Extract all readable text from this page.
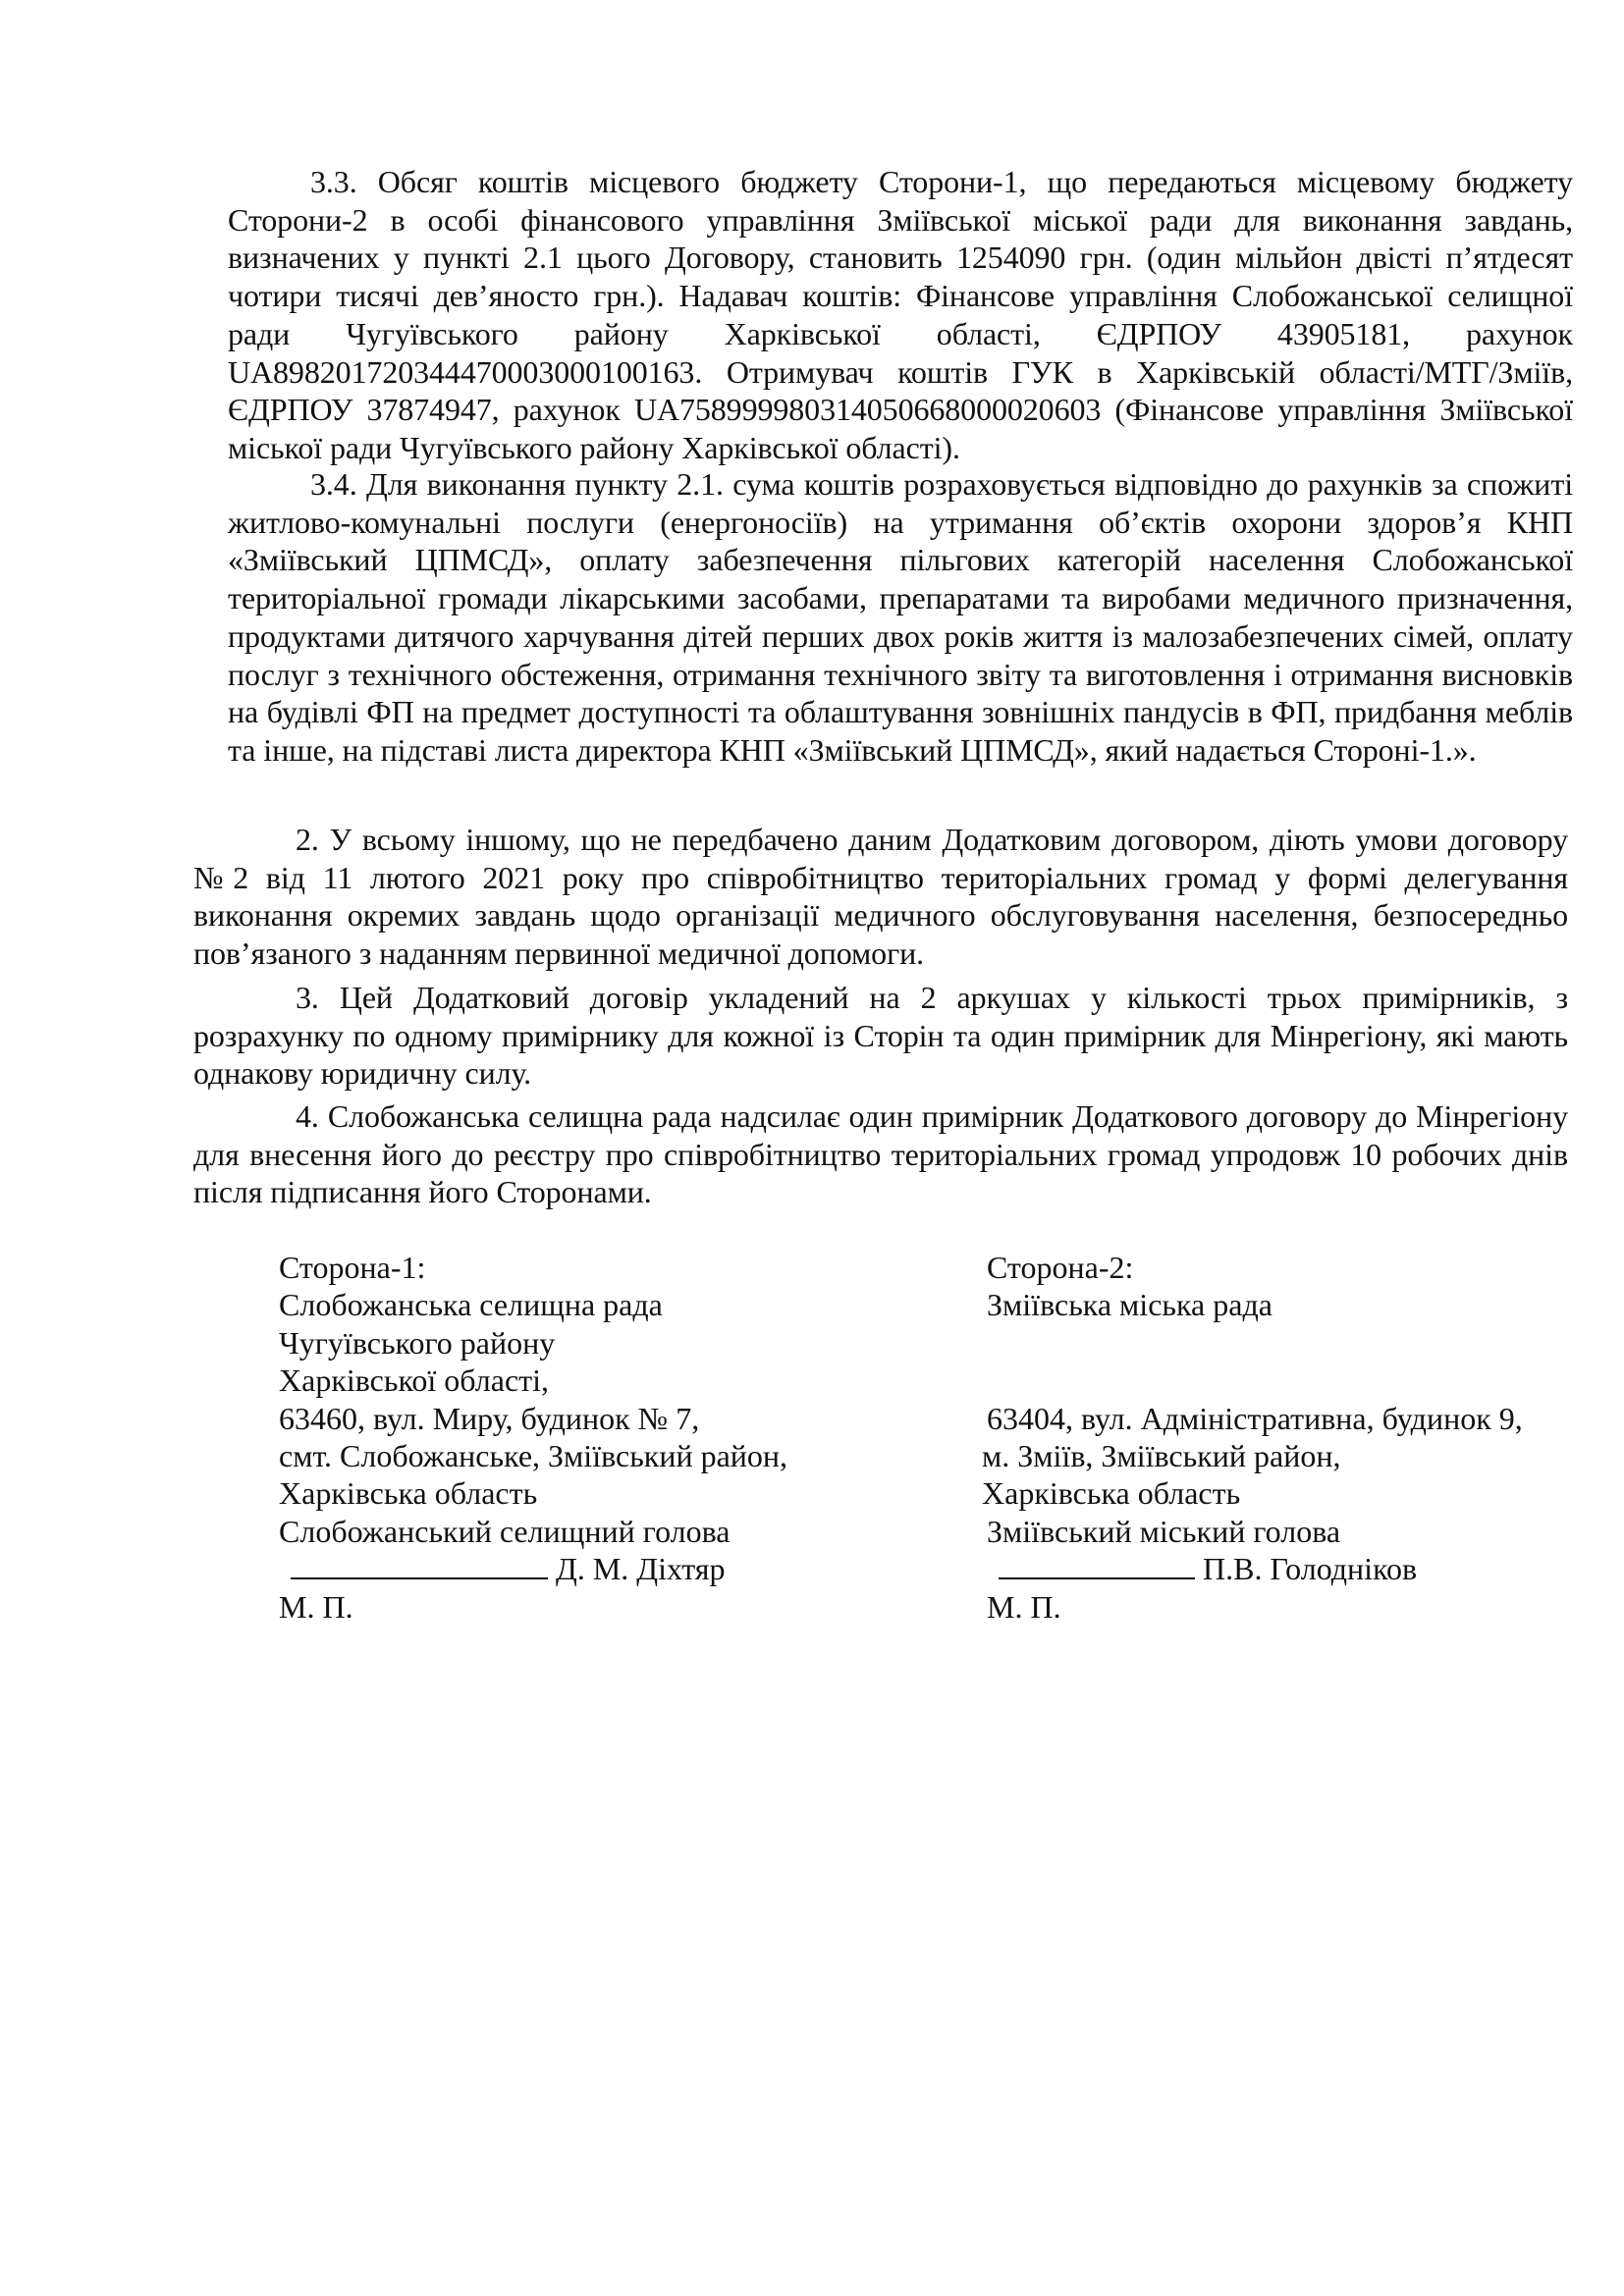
3.3. Обсяг коштів місцевого бюджету Сторони-1, що передаються місцевому бюджету Сторони-2 в особі фінансового управління Зміївської міської ради для виконання завдань, визначених у пункті 2.1 цього Договору, становить 1254090 грн. (один мільйон двісті п’ятдесят чотири тисячі дев’яносто грн.). Надавач коштів: Фінансове управління Слобожанської селищної ради Чугуївського району Харківської області, ЄДРПОУ 43905181, рахунок UA898201720344470003000100163. Отримувач коштів ГУК в Харківській області/МТГ/Зміїв, ЄДРПОУ 37874947, рахунок UA758999980314050668000020603 (Фінансове управління Зміївської міської ради Чугуївського району Харківської області).

3.4. Для виконання пункту 2.1. сума коштів розраховується відповідно до рахунків за спожиті житлово-комунальні послуги (енергоносіїв) на утримання об’єктів охорони здоров’я КНП «Зміївський ЦПМСД», оплату забезпечення пільгових категорій населення Слобожанської територіальної громади лікарськими засобами, препаратами та виробами медичного призначення, продуктами дитячого харчування дітей перших двох років життя із малозабезпечених сімей, оплату послуг з технічного обстеження, отримання технічного звіту та виготовлення і отримання висновків на будівлі ФП на предмет доступності та облаштування зовнішніх пандусів в ФП, придбання меблів та інше, на підставі листа директора КНП «Зміївський ЦПМСД», який надається Стороні-1.».

2. У всьому іншому, що не передбачено даним Додатковим договором, діють умови договору №2 від 11 лютого 2021 року про співробітництво територіальних громад у формі делегування виконання окремих завдань щодо організації медичного обслуговування населення, безпосередньо пов’язаного з наданням первинної медичної допомоги.

3. Цей Додатковий договір укладений на 2 аркушах у кількості трьох примірників, з розрахунку по одному примірнику для кожної із Сторін та один примірник для Мінрегіону, які мають однакову юридичну силу.

4. Слобожанська селищна рада надсилає один примірник Додаткового договору до Мінрегіону для внесення його до реєстру про співробітництво територіальних громад упродовж 10 робочих днів після підписання його Сторонами.

Сторона-1:
Слобожанська селищна рада
Чугуївського району
Харківської області,
63460, вул. Миру, будинок № 7,
смт. Слобожанське, Зміївський район,
Харківська область
Слобожанський селищний голова
Д. М. Діхтяр
М. П.
Сторона-2:
Зміївська міська рада
63404, вул. Адміністративна, будинок 9,
м. Зміїв, Зміївський район,
Харківська область
Зміївський міський голова
П.В. Голодніков
М. П.
